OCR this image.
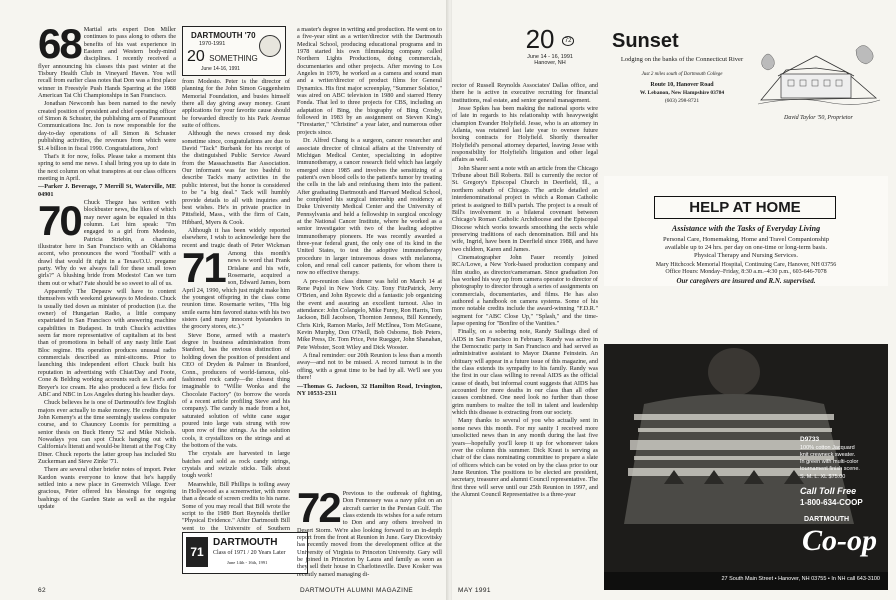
68 Martial arts expert Don Miller continues to pass along to others the benefits of his vast experience in Eastern and Western body-mind disciplines. I recently received a flyer announcing his classes this past winter at the Tisbury Health Club in Vineyard Haven. You will recall from earlier class notes that Don was a first place winner in Freestyle Push Hands Sparring at the 1988 American Tai Chi Championships in San Francisco.

Jonathan Newcomb has been named to the newly created position of president and chief operating officer of Simon & Schuster, the publishing arm of Paramount Communications Inc. Jon is now responsible for the day-to-day operations of all Simon & Schuster publishing activities, the revenues from which were $1.4 billion in fiscal 1990. Congratulations, Jon!

That's it for now, folks. Please take a moment this spring to send me news. I shall bring you up to date in the next column on what transpires at our class officers meeting in April.

—Parker J. Beverage, 7 Merrill St, Waterville, ME 04901

70 Chuck Thegze has written with blockbuster news, the likes of which may never again be equaled in this column. Let him speak: "I'm engaged to a girl from Modesto, Patricia Striebin, a charming illustrator here in San Francisco with an Oklahoma accent, who pronounces the word "football" with a drawl that would fit right in a Texas/O.U. pregame party. Why do we always fall for these small town girls?" A blushing bride from Modesto! Can we turn them out or what? Fate should be so sweet to all of us.

Apparently The Depauw will have to content themselves with weekend getaways to Modesto. Chuck is usually tied down as minister of production (i.e. the owner) of Hungarian Radio, a little company expatriated in San Francisco with answering machine capabilities in Budapest. In truth Chuck's activities seem far more representative of capitalism at its best than of promotions in behalf of any nasty little East Bloc regime. His operation produces unusual radio commercials described as mini-sitcoms. Prior to launching this independent effort Chuck built his reputation in advertising with Chiat/Day and Foote, Cone & Belding working accounts such as Levi's and Breyer's ice cream. He also produced a few flicks for ABC and NBC in Los Angeles during his headier days.

Chuck believes he is one of Dartmouth's few English majors ever actually to make money. He credits this to John Kemeny's at the time seemingly useless computer course, and to Chauncey Loomis for permitting a senior thesis on Buck Henry '52 and Mike Nichols. Nowadays you can spot Chuck hanging out with California's literati and would-be literati at the Fog City Diner. Chuck reports the latter group has included Stu Zuckerman and Steve Zinke '71.

There are several other briefer notes of import. Peter Kardon wants everyone to know that he's happily settled into a new place in Greenwich Village. Ever gracious, Peter offered his blessings for ongoing bashings of the Garden State as well as the regular update

DARTMOUTH '70
1970-1991
20 SOMETHING
June 14-16, 1991

from Modesto. Peter is the director of planning for the John Simon Guggenheim Memorial Foundation, and busies himself there all day giving away money. Grant applications for your favorite cause should be forwarded directly to his Park Avenue suite of offices.

Although the news crossed my desk sometime since, congratulations are due to David "Tack" Burbank for his receipt of the distinguished Public Service Award from the Massachusetts Bar Association. Our informant was far too bashful to describe Tack's many activities in the public interest, but the honor is considered to be "a big deal." Tack will humbly provide details to all with inquiries and best wishes. He's in private practice in Pittsfield, Mass., with the firm of Cain, Hibbard, Myers & Cook.

Although it has been widely reported elsewhere, I wish to acknowledge here the recent and tragic death of Peter Wickman

71 Among this month's news is word that Frank Drislane and his wife, Rosemarie, acquired a son, Edward James, born April 24, 1990, which just might make him the youngest offspring in the class come reunion time. Rosemarie writes, "His big smile earns him favored status with his two sisters (and many innocent bystanders in the grocery stores, etc.)."

Steve Bone, armed with a master's degree in business administration from Stanford, has the envious distinction of holding down the position of president and CEO of Dryden & Palmer in Branford, Conn., producers of world-famous, old-fashioned rock candy—the closest thing imaginable to "Willie Wonka and the Chocolate Factory" (to borrow the words of a recent article profiling Steve and his company). The candy is made from a hot, saturated solution of white cane sugar poured into large vats strung with row upon row of fine strings. As the solution cools, it crystallizes on the strings and at the bottom of the vats.

The crystals are harvested in large batches and sold as rock candy strings, crystals and swizzle sticks. Talk about tough work!

Meanwhile, Bill Phillips is toiling away in Hollywood as a screenwriter, with more than a decade of screen credits to his name. Some of you may recall that Bill wrote the script to the 1989 Burt Reynolds thriller "Physical Evidence." After Dartmouth Bill went to the University of Southern

71
DARTMOUTH
Class of 1971 / 20 Years Later
June 14th - 16th, 1991
62	DARTMOUTH ALUMNI MAGAZINE
20 72
June 14 - 16, 1991
Hanover, NH

rector of Russell Reynolds Associates' Dallas office, and there he is active in executive recruiting for financial institutions, real estate, and senior general management.

Jesse Spikes has been making the national sports wire of late in regards to his relationship with heavyweight champion Evander Holyfield. Jesse, who is an attorney in Atlanta, was retained last late year to oversee future boxing contracts for Holyfield. Shortly thereafter Holyfield's personal attorney departed, leaving Jesse with responsibility for Holyfield's litigation and other legal affairs as well.

John Sharer sent a note with an article from the Chicago Tribune about Bill Roberts. Bill is currently the rector of St. Gregory's Episcopal Church in Deerfield, Ill., a northern suburb of Chicago. The article detailed an interdenominational project in which a Roman Catholic priest is assigned to Bill's parish. The project is a result of Bill's involvement in a bilateral covenant between Chicago's Roman Catholic Archdiocese and the Episcopal Diocese which works towards smoothing the sects while preserving traditions of each denomination. Bill and his wife, Ingrid, have been in Deerfield since 1988, and have two children, Karen and James.

Cinematographer John Fauer recently joined RCA/Lowe, a New York-based production company and film studio, as director/cameraman. Since graduation Jon has worked his way up from camera operator to director of photography to director through a series of assignments on commercials, documentaries, and films. He has also authored a handbook on camera systems. Some of his more notable credits include the award-winning "F.D.R." segment for "ABC Close Up," "Splash," and the time-lapse opening for "Bonfire of the Vanities."

Finally, on a sobering note, Randy Stallings died of AIDS in San Francisco in February. Randy was active in the Democratic party in San Francisco and had served as administrative assistant to Mayor Dianne Feinstein. An obituary will appear in a future issue of this magazine, and the class extends its sympathy to his family. Randy was the first in our class willing to reveal AIDS as the official cause of death, but informal count suggests that AIDS has accounted for more deaths in our class than all other causes combined. One need look no further than those grim numbers to realize the toll in talent and leadership which this disease is extracting from our society.

Many thanks to several of you who actually sent in some news this month. For my sanity I received more unsolicited news than in any month during the last five years—hopefully you'll keep it up for whomever takes over the column this summer. Dick Kraut is serving as chair of the class nominating committee to prepare a slate of officers which can be voted on by the class prior to our June Reunion. The positions to be elected are president, secretary, treasurer and alumni Council representative. The first three will serve until our 25th Reunion in 1997, and the Alumni Council Representative is a three-year

Sunset
Lodging on the banks of the Connecticut River
Just 2 miles south of Dartmouth College
Route 10, Hanover Road
W. Lebanon, New Hampshire 03784
(603) 298-8721
David Taylor '50, Proprietor
HELP AT HOME
Assistance with the Tasks of Everyday Living
Personal Care, Homemaking, Home and Travel Companionship
available up to 24 hrs. per day on one-time or long-term basis.
Physical Therapy and Nursing Services.
Mary Hitchcock Memorial Hospital, Continuing Care, Hanover, NH 03756
Office Hours: Monday–Friday, 8:30 a.m.–4:30 p.m., 603-646-7078
Our caregivers are insured and R.N. supervised.
D9733
100% cotton Jacquard
knit crewneck sweater.
In green with multi-color
tournament finish scene.
S. M. L. XL $75.00
Call Toll Free
1-800-634-COOP
DARTMOUTH
Co-op
27 South Main Street • Hanover, NH 03755 • In NH call 643-3100
MAY 1991

a master's degree in writing and production. He went on to a five-year stint as a writer/director with the Dartmouth Medical School, producing educational programs and in 1978 started his own filmmaking company called Northern Lights Productions, doing commercials, documentaries and other projects. After moving to Los Angeles in 1979, he worked as a camera and sound man and a writer/director of product films for General Dynamics. His first major screenplay, "Summer Solstice," was aired on ABC television in 1980 and starred Henry Fonda. That led to three projects for CBS, including an adaptation of Bing, the biography of Bing Crosby, followed in 1983 by an assignment on Steven King's "Firestarter," "Christine" a year later, and numerous other projects since.

Dr. Alfred Chang is a surgeon, cancer researcher and associate director of clinical affairs at the University of Michigan Medical Center, specializing in adoptive immunotherapy, a cancer research field which has largely emerged since 1985 and involves the sensitizing of a patient's own blood cells to the patient's tumor by treating the cells in the lab and reinfusing them into the patient. After graduating Dartmouth and Harvard Medical School, he completed his surgical internship and residency at Duke University Medical Center and the University of Pennsylvania and held a fellowship in surgical oncology at the National Cancer Institute, where he worked as a senior investigator with two of the leading adoptive immunotherapy pioneers. He was recently awarded a three-year federal grant, the only one of its kind in the United States, to test the adoptive immunotherapy procedure in larger intravenous doses with melanoma, colon, and renal cell cancer patients, for whom there is now no effective therapy.

A pre-reunion class dinner was held on March 14 at Rene Pujol in New York City. Tony FitzPatrick, Jerry O'Brien, and John Rycewic did a fantastic job organizing the event and assuring an excellent turnout. Also in attendance: John Colangelo, Mike Furey, Ron Harris, Tom Jackson, Bill Jacobson, Thornton Jenness, Bill Kennedy, Chris Kirk, Ramon Marks, Jeff McElnea, Tom McGuane, Kevin Murphy, Don O'Neill, Bob Osborne, Bob Peters, Mike Press, Dr. Tom Price, Pete Ruegger, John Shanahan, Pete Webster, Scott Wiley and Dick Wooster.

A final reminder: our 20th Reunion is less than a month away—and not to be missed. A record turnout is in the offing, with a great time to be had by all. We'll see you there!

—Thomas G. Jackson, 32 Hamilton Road, Irvington, NY 10533-2311

72 Previous to the outbreak of fighting, Don Fennessey was a navy pilot on an aircraft carrier in the Persian Gulf. The class extends its wishes for a safe return to Don and any others involved in Desert Storm. We're also looking forward to an in-depth report from the front at Reunion in June. Gary Dicovitsky has recently moved from the development office at the University of Virginia to Princeton University. Gary will be joined in Princeton by Laura and family as soon as they sell their house in Charlottesville. Dave Kosker was recently named managing di-
